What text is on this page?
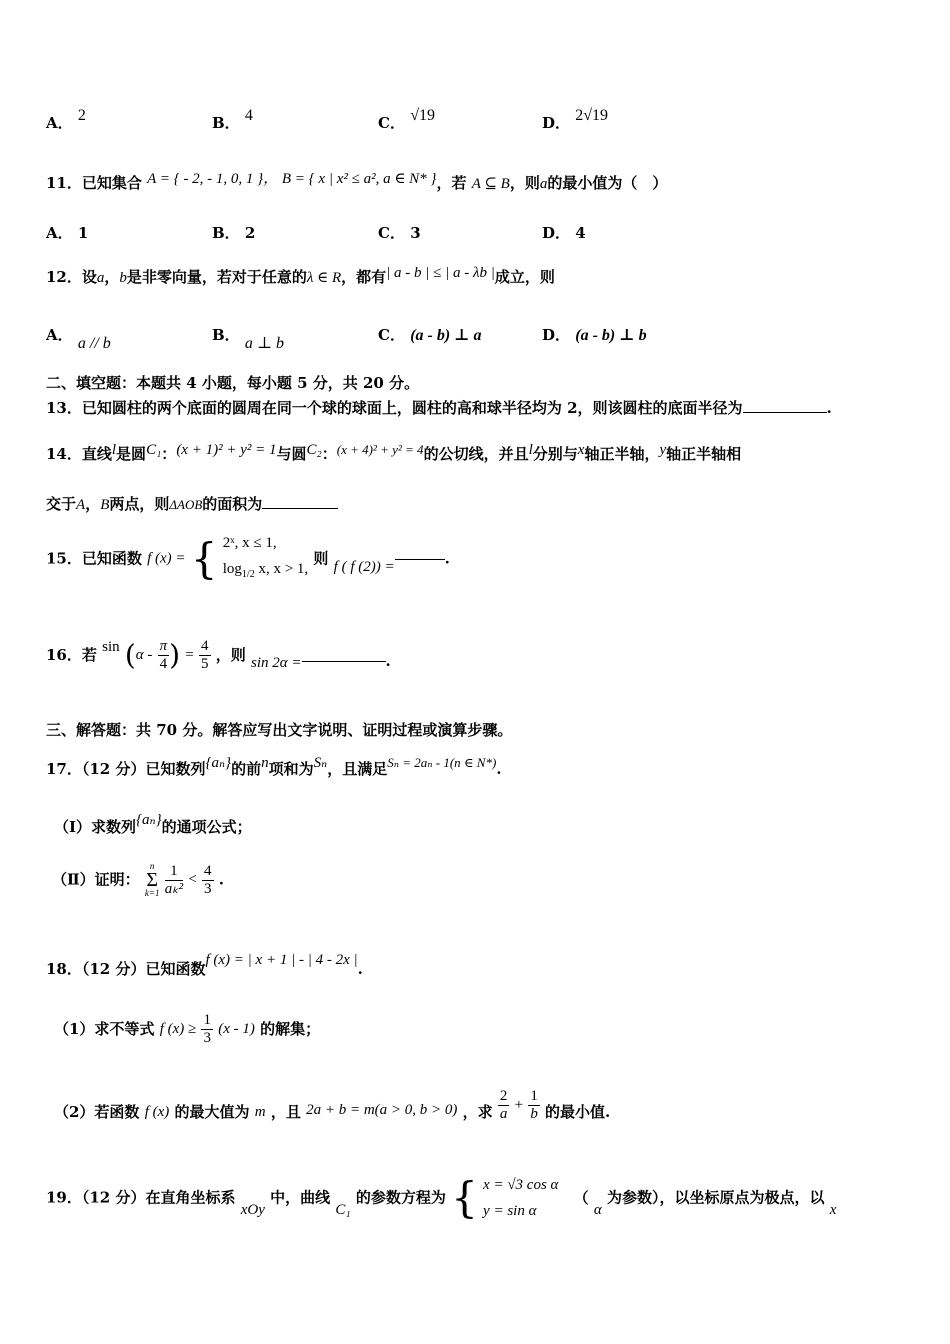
A． 2	B． 4	C． √19	D． 2√19
11．已知集合 A = { - 2, - 1, 0, 1 }， B = { x | x² ≤ a², a ∈ N* }，若 A ⊆ B，则a的最小值为（　）
A． 1	B． 2	C． 3	D． 4
12．设a，b是非零向量，若对于任意的λ ∈ R，都有| a - b | ≤ | a - λb |成立，则
A． a // b	B． a ⊥ b	C． (a - b) ⊥ a	D． (a - b) ⊥ b
二、填空题：本题共 4 小题，每小题 5 分，共 20 分。
13．已知圆柱的两个底面的圆周在同一个球的球面上，圆柱的高和球半径均为 2，则该圆柱的底面半径为	.
14．直线l是圆C₁：(x + 1)² + y² = 1与圆C₂：(x + 4)² + y² = 4的公切线，并且l分别与x轴正半轴，y轴正半轴相
交于A，B两点，则ΔAOB的面积为
15．已知函数 f (x) = { 2ˣ, x ≤ 1,
$\log_{1/2} x$, x > 1,
则 f ( f (2)) =	.
16．若 $\sin (\alpha - \frac{\pi}{4}$ ) = $\frac{4}{5}$ ，则 sin 2α =	.
三、解答题：共 70 分。解答应写出文字说明、证明过程或演算步骤。
17．（12 分）已知数列{aₙ}的前n项和为Sₙ，且满足Sₙ = 2aₙ - 1(n ∈ N*).
（Ⅰ）求数列{aₙ}的通项公式；
（Ⅱ）证明：
n
Σ
k=1
$\frac{1}{\text{aₖ²}} < \frac{4}{3}$ .
18．（12 分）已知函数f (x) = | x + 1 | - | 4 - 2x |.
（1）求不等式 f $(x) \ge \frac{1}{3} (x - 1)$ 的解集；
（2）若函数 f (x) 的最大值为 m ，且 2a + b = m(a > 0, b > 0) ，求 $\frac{2}{a} + \frac{1}{b}$ 的最小值.
19．（12 分）在直角坐标系 xOy 中，曲线 C₁ 的参数方程为 { x = √3 cos α
y = sin α
（ α 为参数），以坐标原点为极点，以 x
